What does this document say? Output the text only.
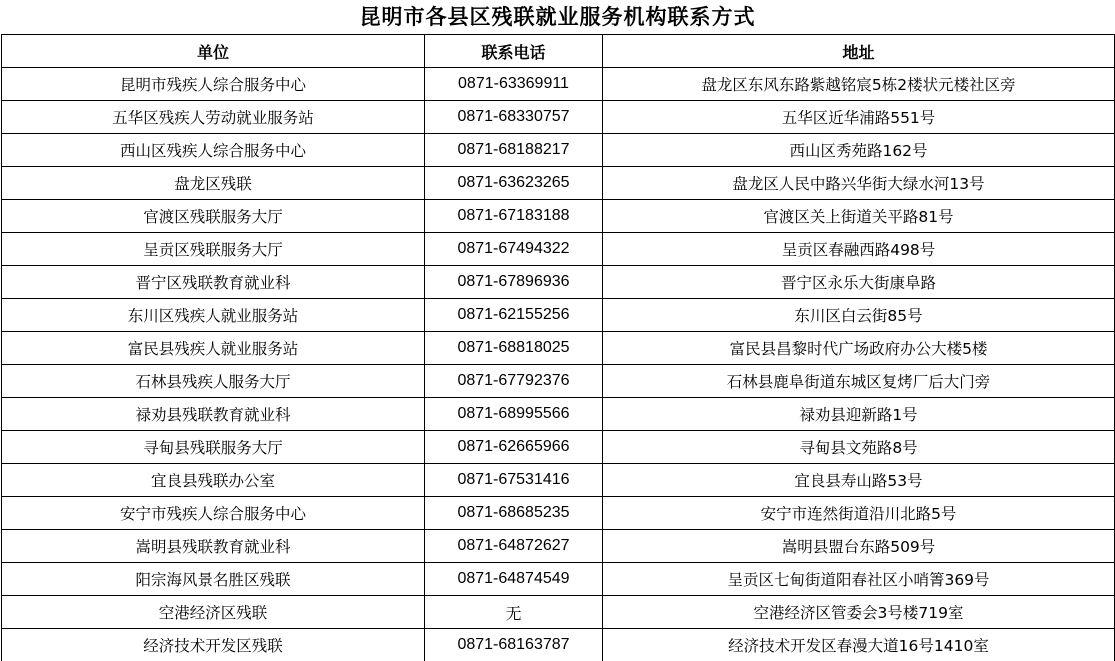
昆明市各县区残联就业服务机构联系方式
单位	联系电话	地址
昆明市残疾人综合服务中心	0871-63369911	盘龙区东风东路紫越铭宸5栋2楼状元楼社区旁
五华区残疾人劳动就业服务站	0871-68330757	五华区近华浦路551号
西山区残疾人综合服务中心	0871-68188217	西山区秀苑路162号
盘龙区残联	0871-63623265	盘龙区人民中路兴华街大绿水河13号
官渡区残联服务大厅	0871-67183188	官渡区关上街道关平路81号
呈贡区残联服务大厅	0871-67494322	呈贡区春融西路498号
晋宁区残联教育就业科	0871-67896936	晋宁区永乐大街康阜路
东川区残疾人就业服务站	0871-62155256	东川区白云街85号
富民县残疾人就业服务站	0871-68818025	富民县昌黎时代广场政府办公大楼5楼
石林县残疾人服务大厅	0871-67792376	石林县鹿阜街道东城区复烤厂后大门旁
禄劝县残联教育就业科	0871-68995566	禄劝县迎新路1号
寻甸县残联服务大厅	0871-62665966	寻甸县文苑路8号
宜良县残联办公室	0871-67531416	宜良县寿山路53号
安宁市残疾人综合服务中心	0871-68685235	安宁市连然街道沿川北路5号
嵩明县残联教育就业科	0871-64872627	嵩明县盟台东路509号
阳宗海风景名胜区残联	0871-64874549	呈贡区七甸街道阳春社区小哨箐369号
空港经济区残联	无	空港经济区管委会3号楼719室
经济技术开发区残联	0871-68163787	经济技术开发区春漫大道16号1410室
